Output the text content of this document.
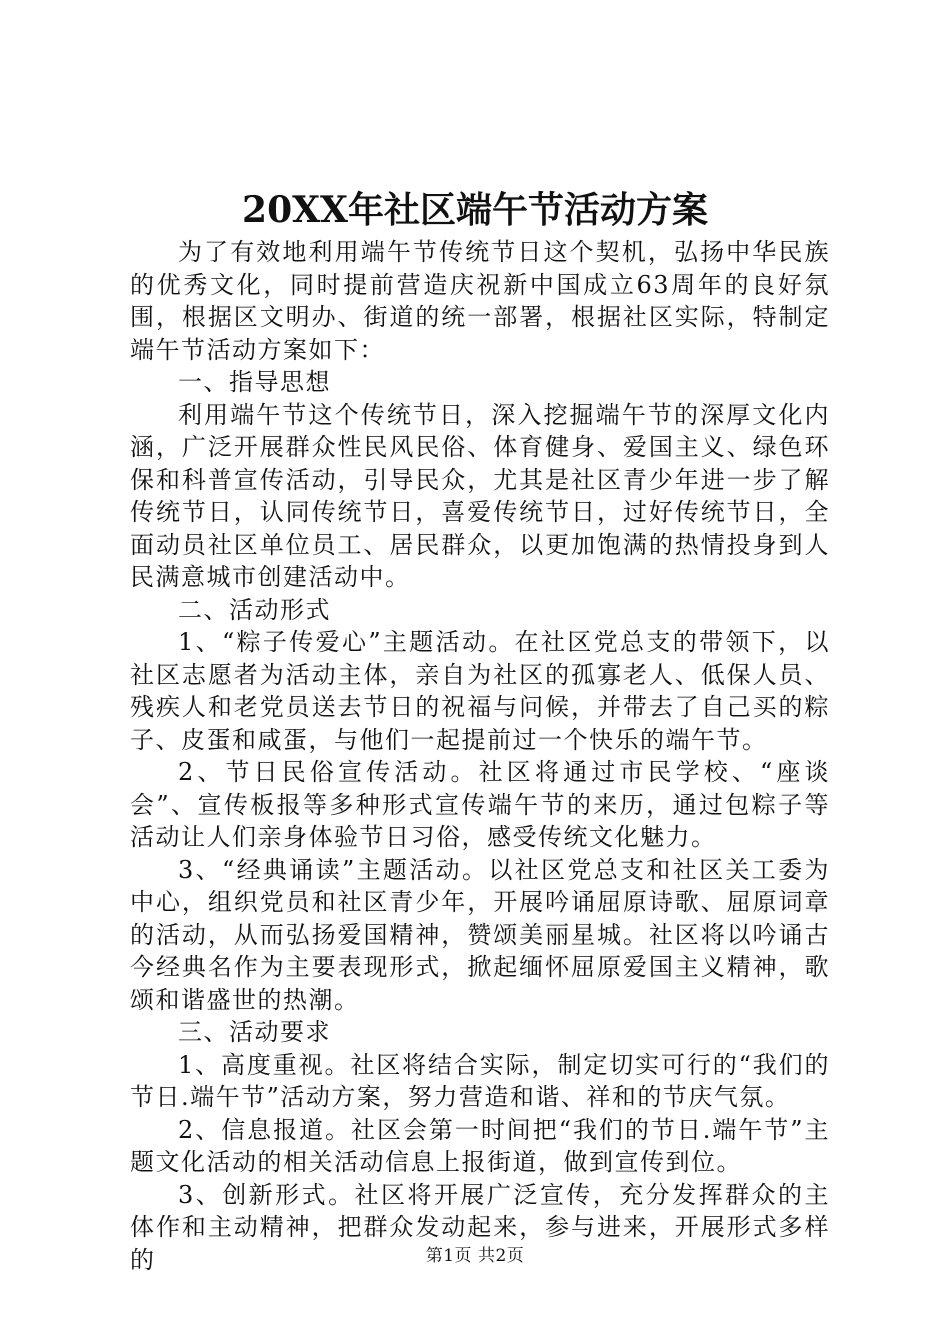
20XX年社区端午节活动方案

为了有效地利用端午节传统节日这个契机，弘扬中华民族的优秀文化，同时提前营造庆祝新中国成立63周年的良好氛围，根据区文明办、街道的统一部署，根据社区实际，特制定端午节活动方案如下：

一、指导思想

利用端午节这个传统节日，深入挖掘端午节的深厚文化内涵，广泛开展群众性民风民俗、体育健身、爱国主义、绿色环保和科普宣传活动，引导民众，尤其是社区青少年进一步了解传统节日，认同传统节日，喜爱传统节日，过好传统节日，全面动员社区单位员工、居民群众，以更加饱满的热情投身到人民满意城市创建活动中。

二、活动形式

1、“粽子传爱心”主题活动。在社区党总支的带领下，以社区志愿者为活动主体，亲自为社区的孤寡老人、低保人员、残疾人和老党员送去节日的祝福与问候，并带去了自己买的粽子、皮蛋和咸蛋，与他们一起提前过一个快乐的端午节。

2、节日民俗宣传活动。社区将通过市民学校、“座谈会”、宣传板报等多种形式宣传端午节的来历，通过包粽子等活动让人们亲身体验节日习俗，感受传统文化魅力。

3、“经典诵读”主题活动。以社区党总支和社区关工委为中心，组织党员和社区青少年，开展吟诵屈原诗歌、屈原词章的活动，从而弘扬爱国精神，赞颂美丽星城。社区将以吟诵古今经典名作为主要表现形式，掀起缅怀屈原爱国主义精神，歌颂和谐盛世的热潮。

三、活动要求

1、高度重视。社区将结合实际，制定切实可行的“我们的节日.端午节”活动方案，努力营造和谐、祥和的节庆气氛。

2、信息报道。社区会第一时间把“我们的节日.端午节”主题文化活动的相关活动信息上报街道，做到宣传到位。

3、创新形式。社区将开展广泛宣传，充分发挥群众的主体作和主动精神，把群众发动起来，参与进来，开展形式多样的	第1页 共2页
